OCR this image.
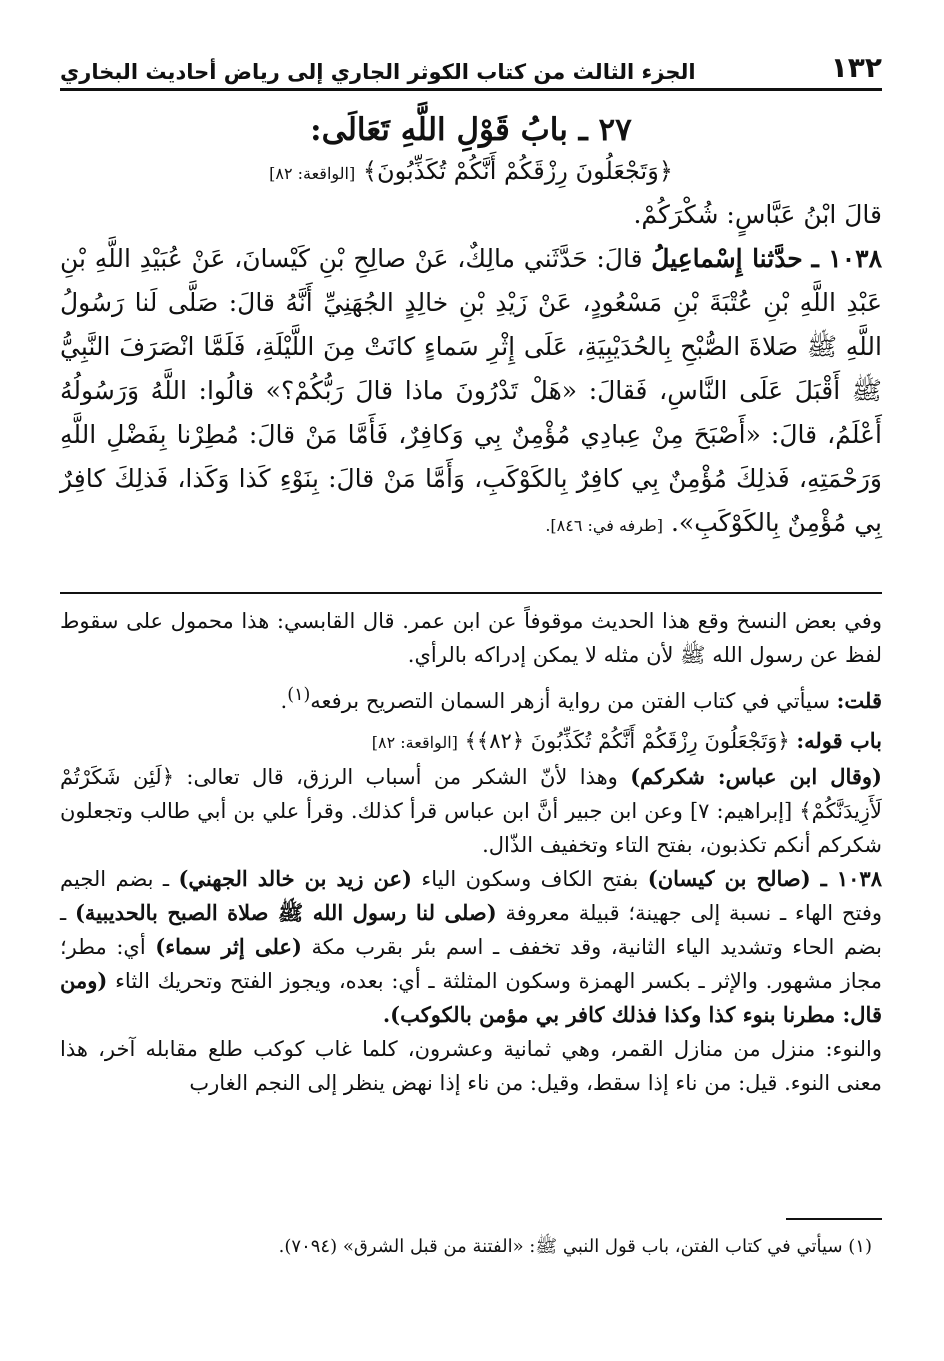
١٣٢
الجزء الثالث من كتاب الكوثر الجاري إلى رياض أحاديث البخاري
٢٧ ـ بابُ قَوْلِ اللَّهِ تَعَالَى:
﴿وَتَجْعَلُونَ رِزْقَكُمْ أَنَّكُمْ تُكَذِّبُونَ﴾ [الواقعة: ٨٢]

قالَ ابْنُ عَبَّاسٍ: شُكْرَكُمْ.

١٠٣٨ ـ حدَّثنا إِسْماعِيلُ قالَ: حَدَّثَني مالِكٌ، عَنْ صالِحِ بْنِ كَيْسانَ، عَنْ عُبَيْدِ اللَّهِ بْنِ عَبْدِ اللَّهِ بْنِ عُتْبَةَ بْنِ مَسْعُودٍ، عَنْ زَيْدِ بْنِ خالِدٍ الجُهَنِيِّ أَنَّهُ قالَ: صَلَّى لَنا رَسُولُ اللَّهِ ﷺ صَلاةَ الصُّبْحِ بِالحُدَيْبِيَةِ، عَلَى إِثْرِ سَماءٍ كانَتْ مِنَ اللَّيْلَةِ، فَلَمَّا انْصَرَفَ النَّبِيُّ ﷺ أَقْبَلَ عَلَى النَّاسِ، فَقالَ: «هَلْ تَدْرُونَ ماذا قالَ رَبُّكُمْ؟» قالُوا: اللَّهُ وَرَسُولُهُ أَعْلَمُ، قالَ: «أَصْبَحَ مِنْ عِبادِي مُؤْمِنٌ بِي وَكافِرٌ، فَأَمَّا مَنْ قالَ: مُطِرْنا بِفَضْلِ اللَّهِ وَرَحْمَتِهِ، فَذلِكَ مُؤْمِنٌ بِي كافِرٌ بِالكَوْكَبِ، وَأَمَّا مَنْ قالَ: بِنَوْءِ كَذا وَكَذا، فَذلِكَ كافِرٌ بِي مُؤْمِنٌ بِالكَوْكَبِ». [طرفه في: ٨٤٦].

وفي بعض النسخ وقع هذا الحديث موقوفاً عن ابن عمر. قال القابسي: هذا محمول على سقوط لفظ عن رسول الله ﷺ لأن مثله لا يمكن إدراكه بالرأي.

قلت: سيأتي في كتاب الفتن من رواية أزهر السمان التصريح برفعه$^{(١)}$.

باب قوله: ﴿وَتَجْعَلُونَ رِزْقَكُمْ أَنَّكُمْ تُكَذِّبُونَ ﴿٨٢﴾﴾ [الواقعة: ٨٢]

(وقال ابن عباس: شكركم) وهذا لأنّ الشكر من أسباب الرزق، قال تعالى: ﴿لَئِن شَكَرْتُمْ لَأَزِيدَنَّكُمْ﴾ [إبراهيم: ٧] وعن ابن جبير أنَّ ابن عباس قرأ كذلك. وقرأ علي بن أبي طالب وتجعلون شكركم أنكم تكذبون، بفتح التاء وتخفيف الذّال.

١٠٣٨ ـ (صالح بن كيسان) بفتح الكاف وسكون الياء (عن زيد بن خالد الجهني) ـ بضم الجيم وفتح الهاء ـ نسبة إلى جهينة؛ قبيلة معروفة (صلى لنا رسول الله ﷺ صلاة الصبح بالحديبية) ـ بضم الحاء وتشديد الياء الثانية، وقد تخفف ـ اسم بئر بقرب مكة (على إثر سماء) أي: مطر؛ مجاز مشهور. والإثر ـ بكسر الهمزة وسكون المثلثة ـ أي: بعده، ويجوز الفتح وتحريك الثاء (ومن قال: مطرنا بنوء كذا وكذا فذلك كافر بي مؤمن بالكوكب).

والنوء: منزل من منازل القمر، وهي ثمانية وعشرون، كلما غاب كوكب طلع مقابله آخر، هذا معنى النوء. قيل: من ناء إذا سقط، وقيل: من ناء إذا نهض ينظر إلى النجم الغارب

(١) سيأتي في كتاب الفتن، باب قول النبي ﷺ: «الفتنة من قبل الشرق» (٧٠٩٤).
